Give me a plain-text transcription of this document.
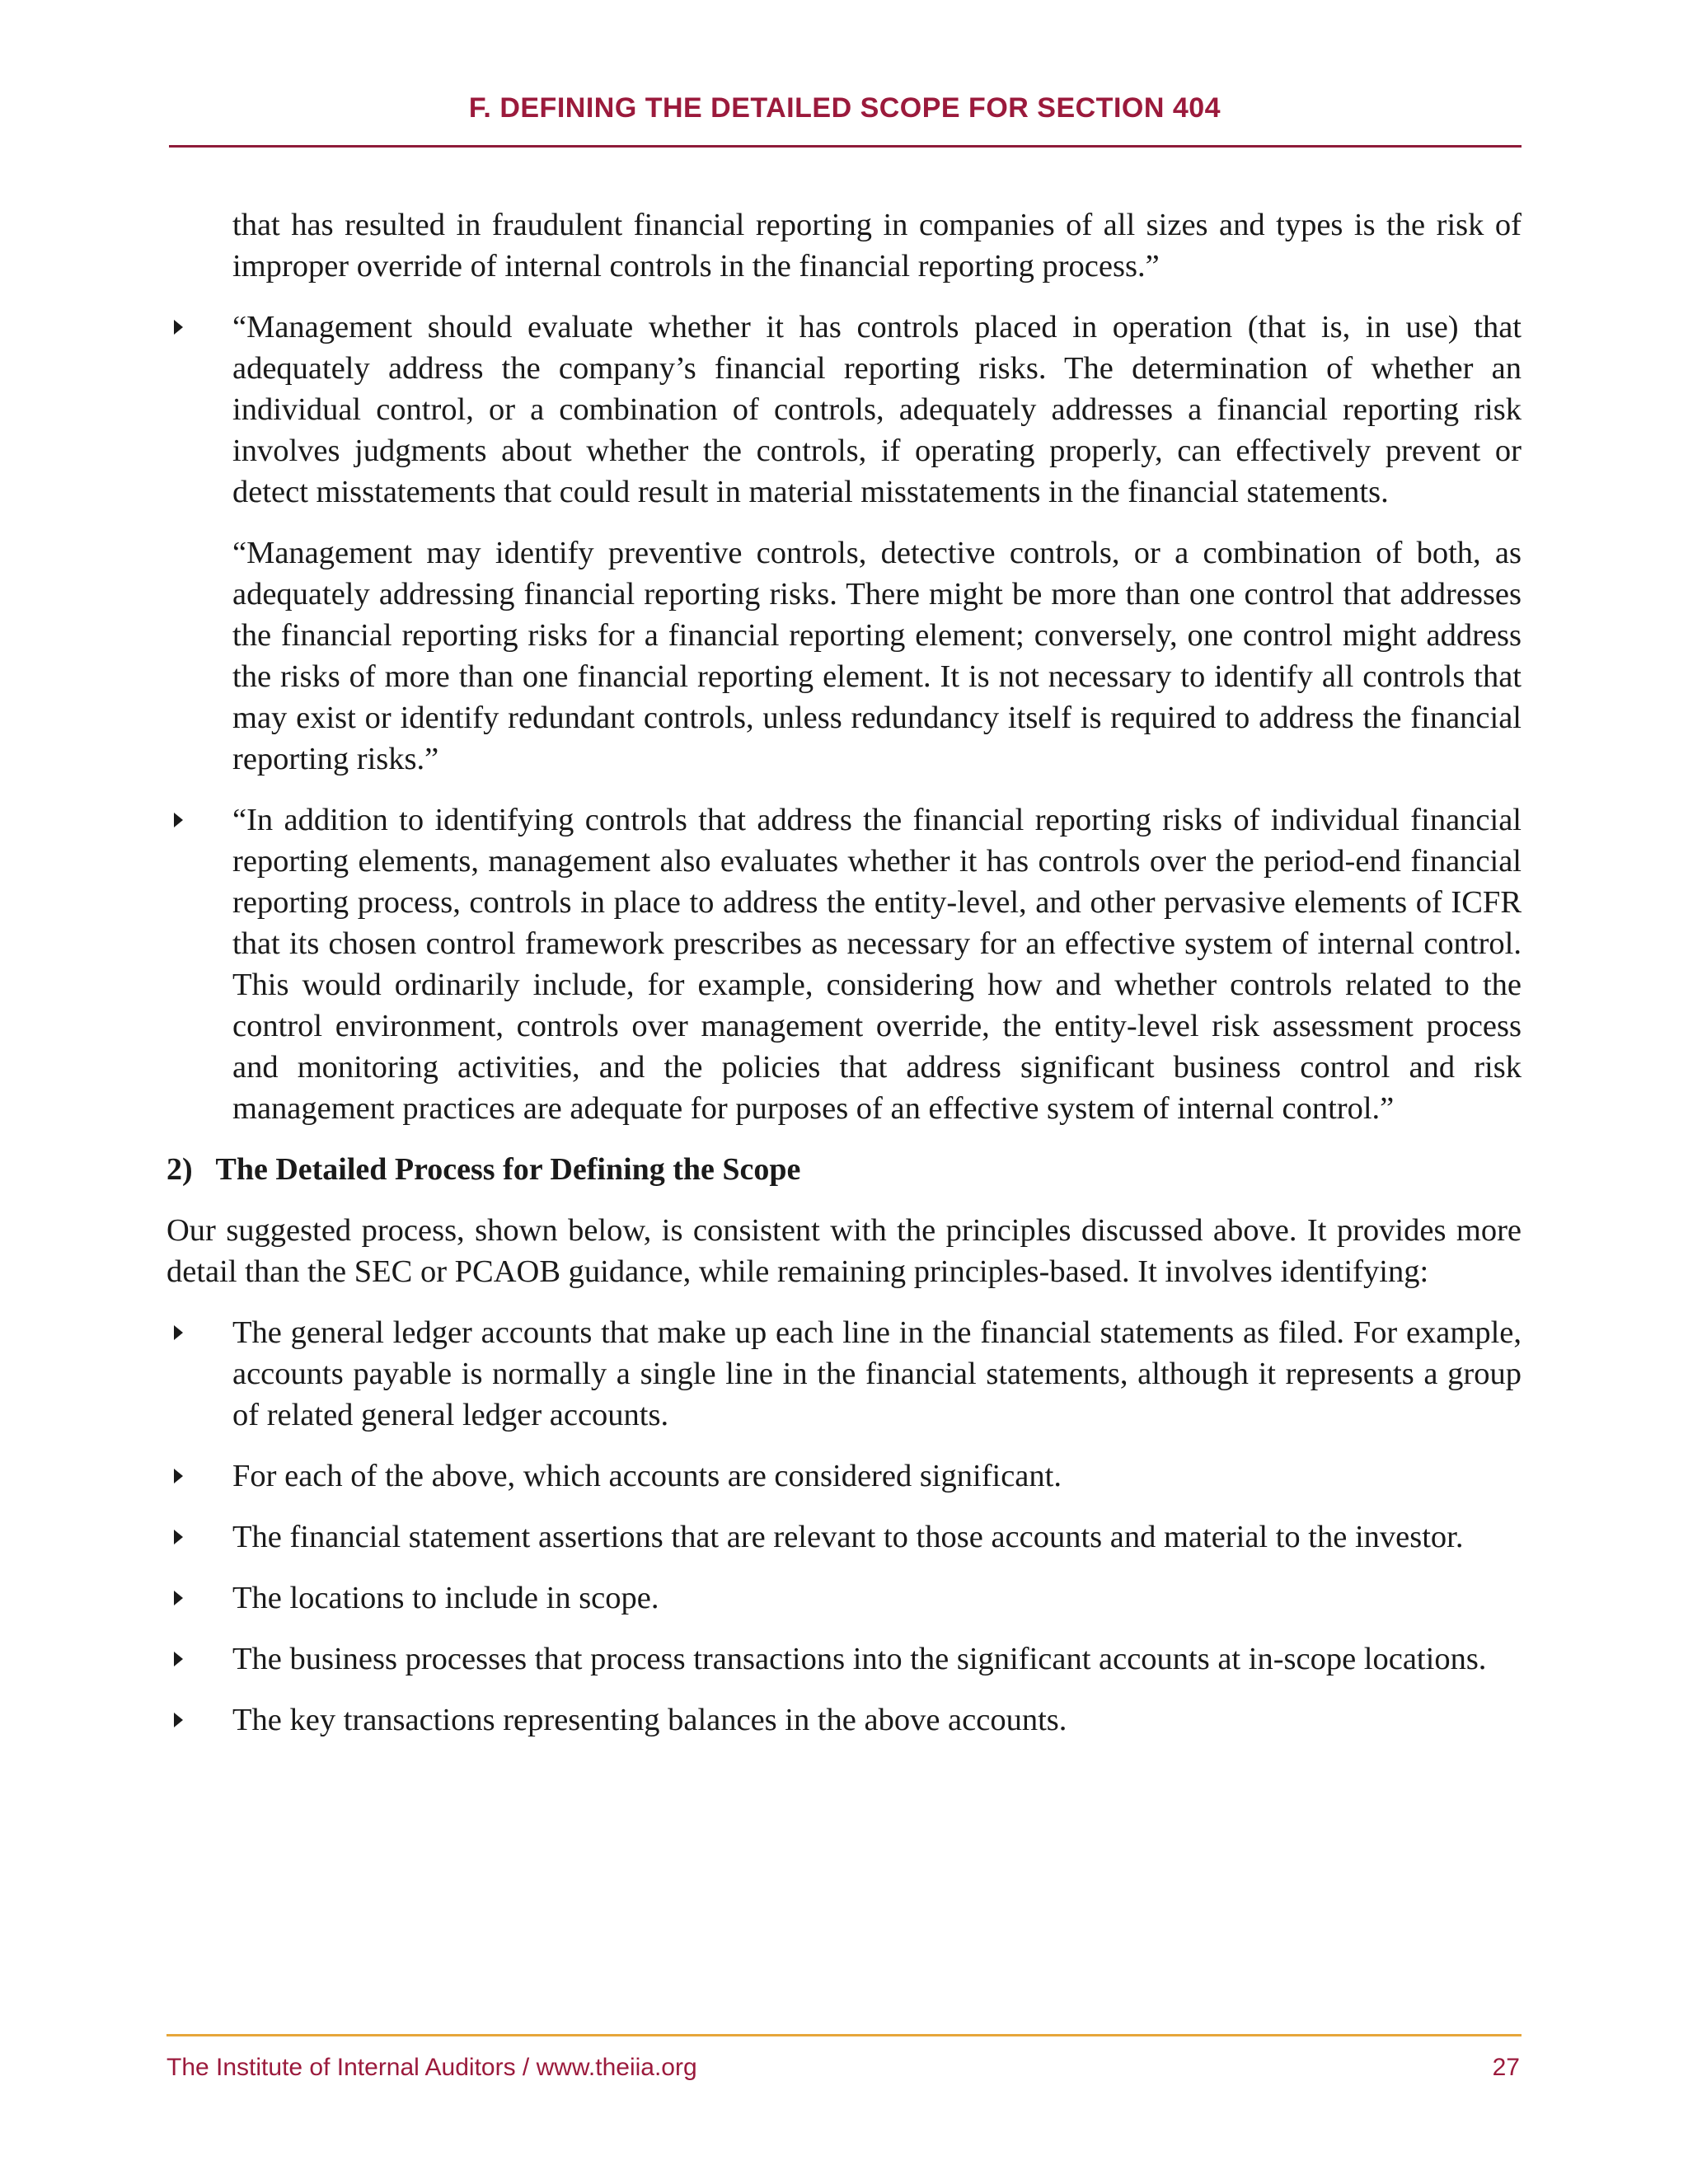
F. DEFINING THE DETAILED SCOPE FOR SECTION 404

that has resulted in fraudulent financial reporting in companies of all sizes and types is the risk of improper override of internal controls in the financial reporting process.”

“Management should evaluate whether it has controls placed in operation (that is, in use) that adequately address the company’s financial reporting risks. The determination of whether an individual control, or a combination of controls, adequately addresses a financial reporting risk involves judgments about whether the controls, if operating properly, can effectively prevent or detect misstatements that could result in material misstatements in the financial statements.

“Management may identify preventive controls, detective controls, or a combination of both, as adequately addressing financial reporting risks. There might be more than one control that addresses the financial reporting risks for a financial reporting element; conversely, one control might address the risks of more than one financial reporting element. It is not necessary to identify all controls that may exist or identify redundant controls, unless redundancy itself is required to address the financial reporting risks.”

“In addition to identifying controls that address the financial reporting risks of individual financial reporting elements, management also evaluates whether it has controls over the period-end financial reporting process, controls in place to address the entity-level, and other pervasive elements of ICFR that its chosen control framework prescribes as necessary for an effective system of internal control. This would ordinarily include, for example, considering how and whether controls related to the control environment, controls over management override, the entity-level risk assessment process and monitoring activities, and the policies that address significant business control and risk management practices are adequate for purposes of an effective system of internal control.”
2)   The Detailed Process for Defining the Scope

Our suggested process, shown below, is consistent with the principles discussed above. It provides more detail than the SEC or PCAOB guidance, while remaining principles-based. It involves identifying:

The general ledger accounts that make up each line in the financial statements as filed. For example, accounts payable is normally a single line in the financial statements, although it represents a group of related general ledger accounts.
For each of the above, which accounts are considered significant.
The financial statement assertions that are relevant to those accounts and material to the investor.
The locations to include in scope.
The business processes that process transactions into the significant accounts at in-scope locations.
The key transactions representing balances in the above accounts.
The Institute of Internal Auditors / www.theiia.org	27
